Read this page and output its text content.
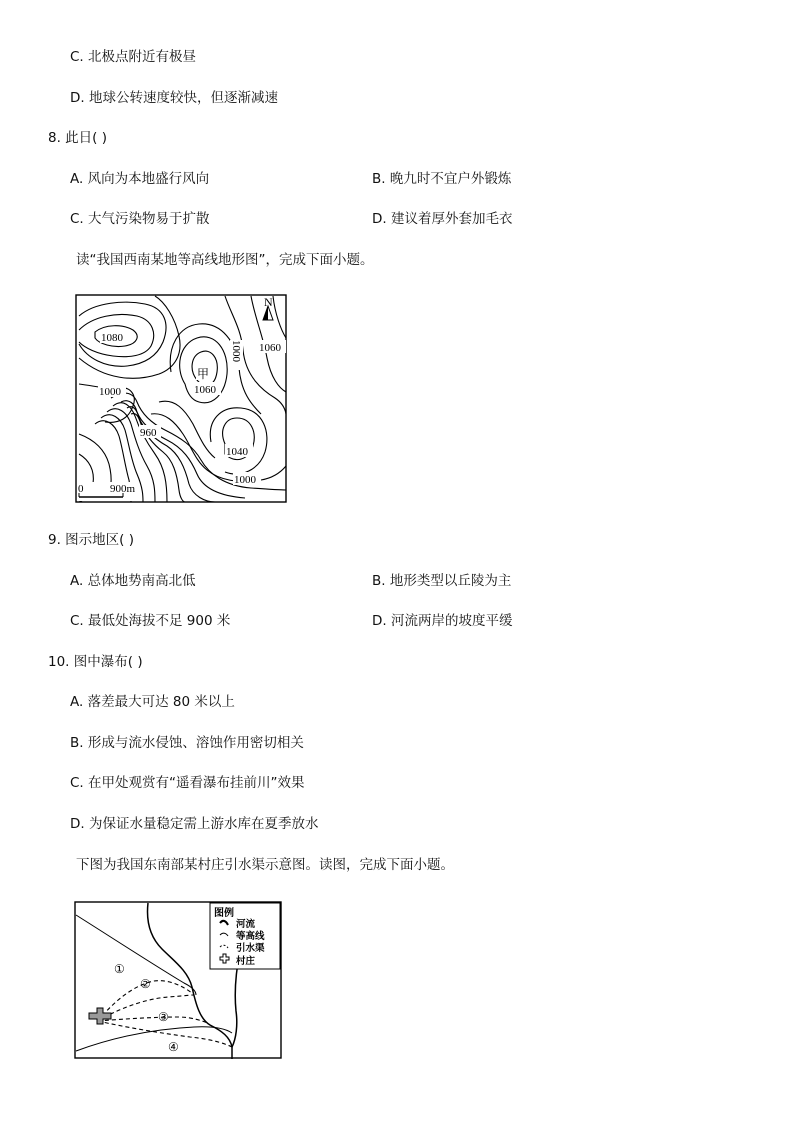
C. 北极点附近有极昼
D. 地球公转速度较快，但逐渐减速
8. 此日( )
A. 风向为本地盛行风向	B. 晚九时不宜户外锻炼
C. 大气污染物易于扩散	D. 建议着厚外套加毛衣
读“我国西南某地等高线地形图”，完成下面小题。
N
1080
1060
1000
甲
1060
1000
960
1040
1000
0 900m
9. 图示地区( )
A. 总体地势南高北低	B. 地形类型以丘陵为主
C. 最低处海拔不足 900 米	D. 河流两岸的坡度平缓
10. 图中瀑布( )
A. 落差最大可达 80 米以上
B. 形成与流水侵蚀、溶蚀作用密切相关
C. 在甲处观赏有“遥看瀑布挂前川”效果
D. 为保证水量稳定需上游水库在夏季放水
下图为我国东南部某村庄引水渠示意图。读图，完成下面小题。
①
②
③
④
图例
河流
等高线
引水渠
村庄
